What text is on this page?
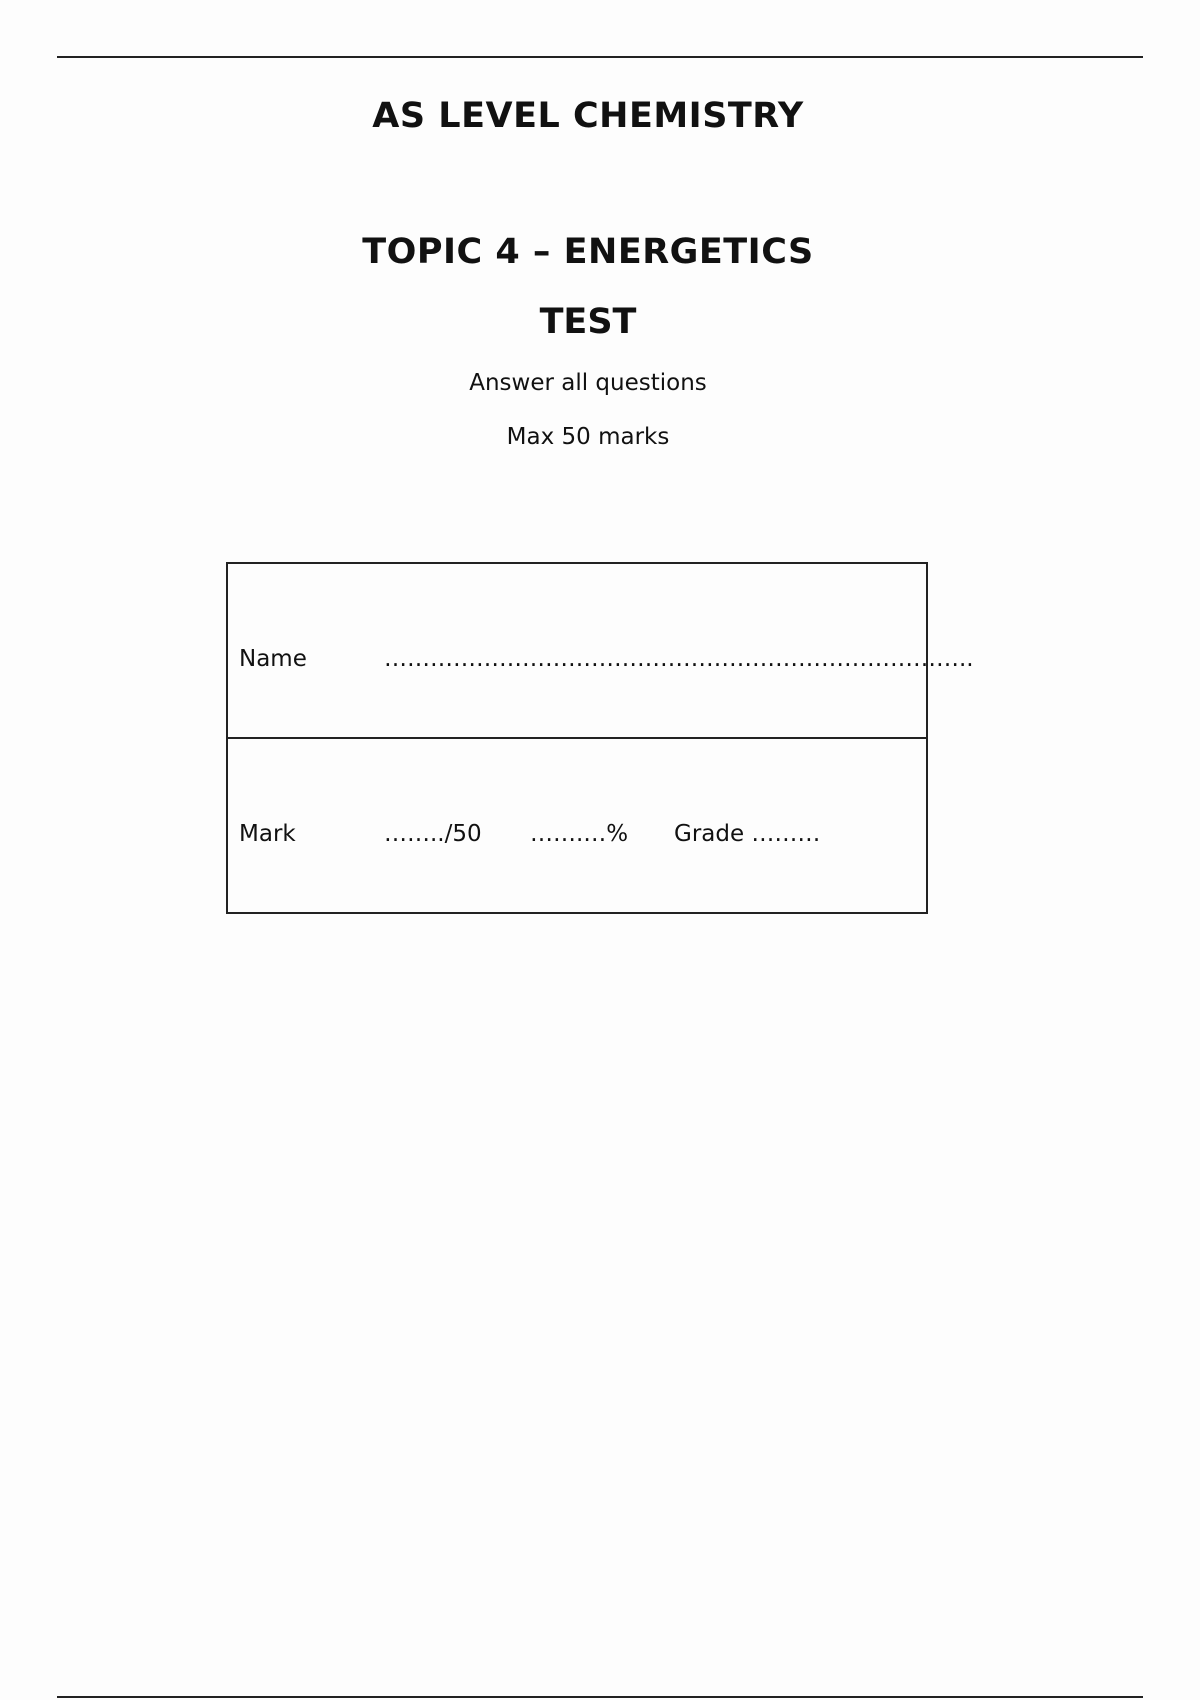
AS LEVEL CHEMISTRY
TOPIC 4 – ENERGETICS
TEST
Answer all questions
Max 50 marks
Name	…………………………………………………………………..
Mark	……../50 …….…% Grade ………
